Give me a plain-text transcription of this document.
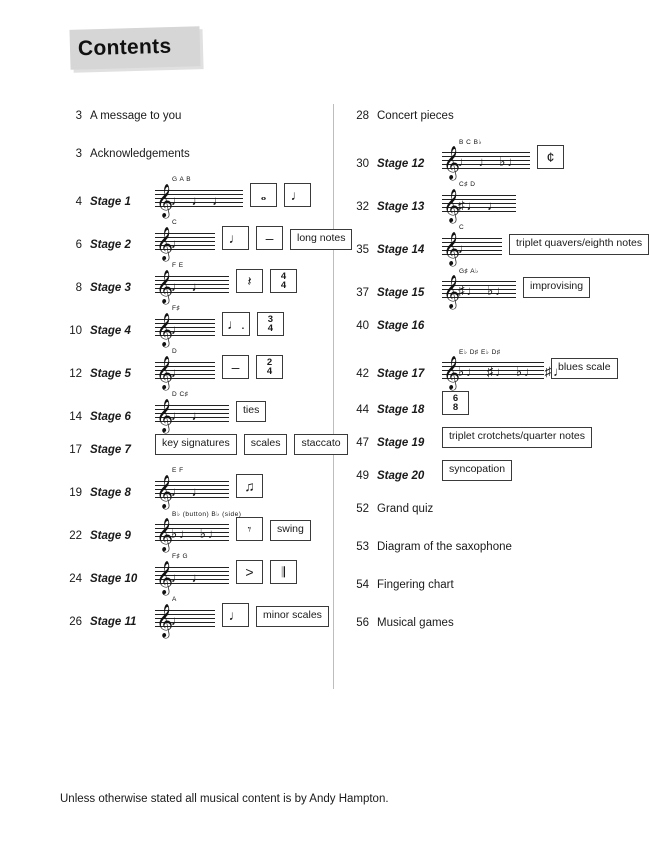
Contents
3 A message to you
3 Acknowledgements
4 Stage 1 𝄞
G A B
♩ ♩ ♩	𝅝	♩
6 Stage 2 𝄞
C
♩	♩	–	long notes
8 Stage 3 𝄞
F E
♩ ♩	𝄽	4
4
10 Stage 4 𝄞
F♯
♩	♩.	3
4
12 Stage 5 𝄞
D
♩	–	2
4
14 Stage 6 𝄞
D C♯
♩ ♩	ties
17 Stage 7
key signatures	scales	staccato
19 Stage 8 𝄞
E F
♩ ♩	♫
22 Stage 9 𝄞
B♭ (button) B♭ (side)
♭♩ ♭♩	𝄾	swing
24 Stage 10 𝄞
F♯ G
♩ ♩	>	𝄂
26 Stage 11 𝄞
A
♩	♩	minor scales
28 Concert pieces
30 Stage 12 𝄞
B C B♭
♩ ♩ ♭♩	¢
32 Stage 13 𝄞
C♯ D
♯♩ ♩
35 Stage 14 𝄞
C
♩	triplet quavers/eighth notes
37 Stage 15 𝄞
G♯ A♭
♯♩ ♭♩	improvising
40 Stage 16
42 Stage 17 𝄞
E♭ D♯ E♭ D♯
♭♩ ♯♩ ♭♩ ♯♩
blues scale
44 Stage 18
6
8
47 Stage 19
triplet crotchets/quarter notes
49 Stage 20
syncopation
52 Grand quiz
53 Diagram of the saxophone
54 Fingering chart
56 Musical games
Unless otherwise stated all musical content is by Andy Hampton.
